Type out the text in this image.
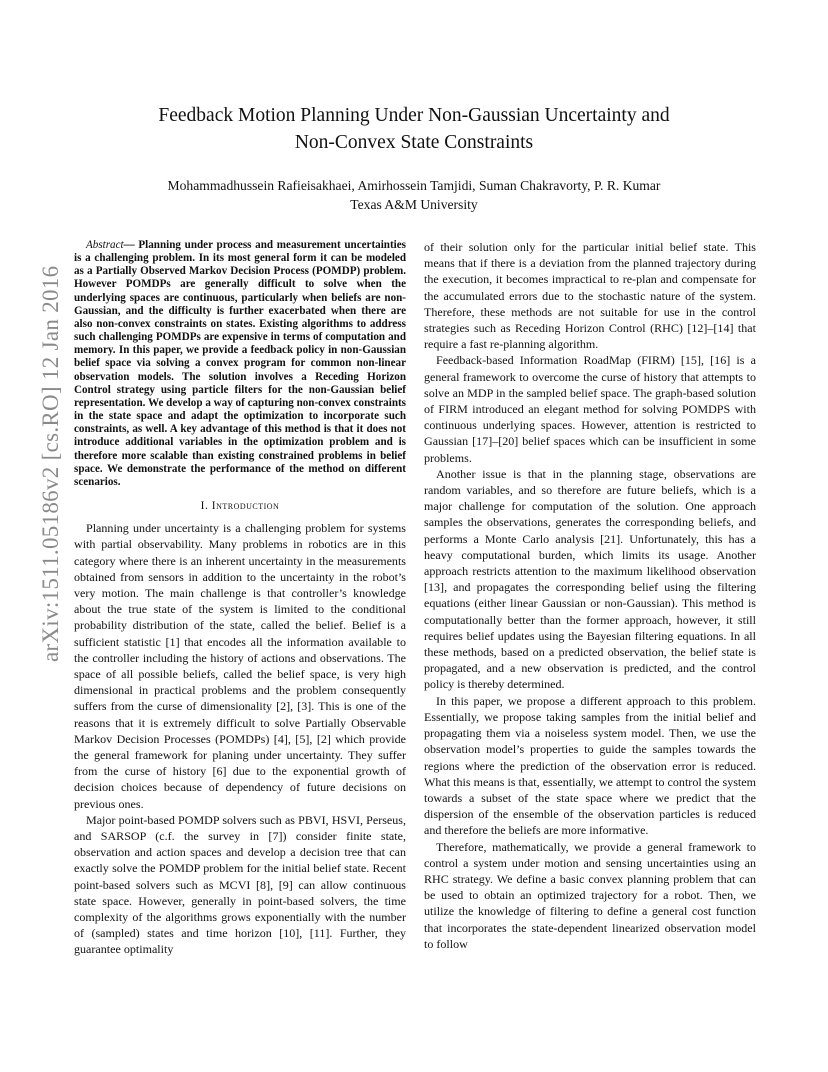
Feedback Motion Planning Under Non-Gaussian Uncertainty and
Non-Convex State Constraints
Mohammadhussein Rafieisakhaei, Amirhossein Tamjidi, Suman Chakravorty, P. R. Kumar
Texas A&M University
arXiv:1511.05186v2 [cs.RO] 12 Jan 2016

Abstract— Planning under process and measurement uncertainties is a challenging problem. In its most general form it can be modeled as a Partially Observed Markov Decision Process (POMDP) problem. However POMDPs are generally difficult to solve when the underlying spaces are continuous, particularly when beliefs are non-Gaussian, and the difficulty is further exacerbated when there are also non-convex constraints on states. Existing algorithms to address such challenging POMDPs are expensive in terms of computation and memory. In this paper, we provide a feedback policy in non-Gaussian belief space via solving a convex program for common non-linear observation models. The solution involves a Receding Horizon Control strategy using particle filters for the non-Gaussian belief representation. We develop a way of capturing non-convex constraints in the state space and adapt the optimization to incorporate such constraints, as well. A key advantage of this method is that it does not introduce additional variables in the optimization problem and is therefore more scalable than existing constrained problems in belief space. We demonstrate the performance of the method on different scenarios.

I. Introduction

Planning under uncertainty is a challenging problem for systems with partial observability. Many problems in robotics are in this category where there is an inherent uncertainty in the measurements obtained from sensors in addition to the uncertainty in the robot’s very motion. The main challenge is that controller’s knowledge about the true state of the system is limited to the conditional probability distribution of the state, called the belief. Belief is a sufficient statistic [1] that encodes all the information available to the controller including the history of actions and observations. The space of all possible beliefs, called the belief space, is very high dimensional in practical problems and the problem consequently suffers from the curse of dimensionality [2], [3]. This is one of the reasons that it is extremely difficult to solve Partially Observable Markov Decision Processes (POMDPs) [4], [5], [2] which provide the general framework for planing under uncertainty. They suffer from the curse of history [6] due to the exponential growth of decision choices because of dependency of future decisions on previous ones.

Major point-based POMDP solvers such as PBVI, HSVI, Perseus, and SARSOP (c.f. the survey in [7]) consider finite state, observation and action spaces and develop a decision tree that can exactly solve the POMDP problem for the initial belief state. Recent point-based solvers such as MCVI [8], [9] can allow continuous state space. However, generally in point-based solvers, the time complexity of the algorithms grows exponentially with the number of (sampled) states and time horizon [10], [11]. Further, they guarantee optimality

of their solution only for the particular initial belief state. This means that if there is a deviation from the planned trajectory during the execution, it becomes impractical to re-plan and compensate for the accumulated errors due to the stochastic nature of the system. Therefore, these methods are not suitable for use in the control strategies such as Receding Horizon Control (RHC) [12]–[14] that require a fast re-planning algorithm.

Feedback-based Information RoadMap (FIRM) [15], [16] is a general framework to overcome the curse of history that attempts to solve an MDP in the sampled belief space. The graph-based solution of FIRM introduced an elegant method for solving POMDPS with continuous underlying spaces. However, attention is restricted to Gaussian [17]–[20] belief spaces which can be insufficient in some problems.

Another issue is that in the planning stage, observations are random variables, and so therefore are future beliefs, which is a major challenge for computation of the solution. One approach samples the observations, generates the corresponding beliefs, and performs a Monte Carlo analysis [21]. Unfortunately, this has a heavy computational burden, which limits its usage. Another approach restricts attention to the maximum likelihood observation [13], and propagates the corresponding belief using the filtering equations (either linear Gaussian or non-Gaussian). This method is computationally better than the former approach, however, it still requires belief updates using the Bayesian filtering equations. In all these methods, based on a predicted observation, the belief state is propagated, and a new observation is predicted, and the control policy is thereby determined.

In this paper, we propose a different approach to this problem. Essentially, we propose taking samples from the initial belief and propagating them via a noiseless system model. Then, we use the observation model’s properties to guide the samples towards the regions where the prediction of the observation error is reduced. What this means is that, essentially, we attempt to control the system towards a subset of the state space where we predict that the dispersion of the ensemble of the observation particles is reduced and therefore the beliefs are more informative.

Therefore, mathematically, we provide a general framework to control a system under motion and sensing uncertainties using an RHC strategy. We define a basic convex planning problem that can be used to obtain an optimized trajectory for a robot. Then, we utilize the knowledge of filtering to define a general cost function that incorporates the state-dependent linearized observation model to follow
